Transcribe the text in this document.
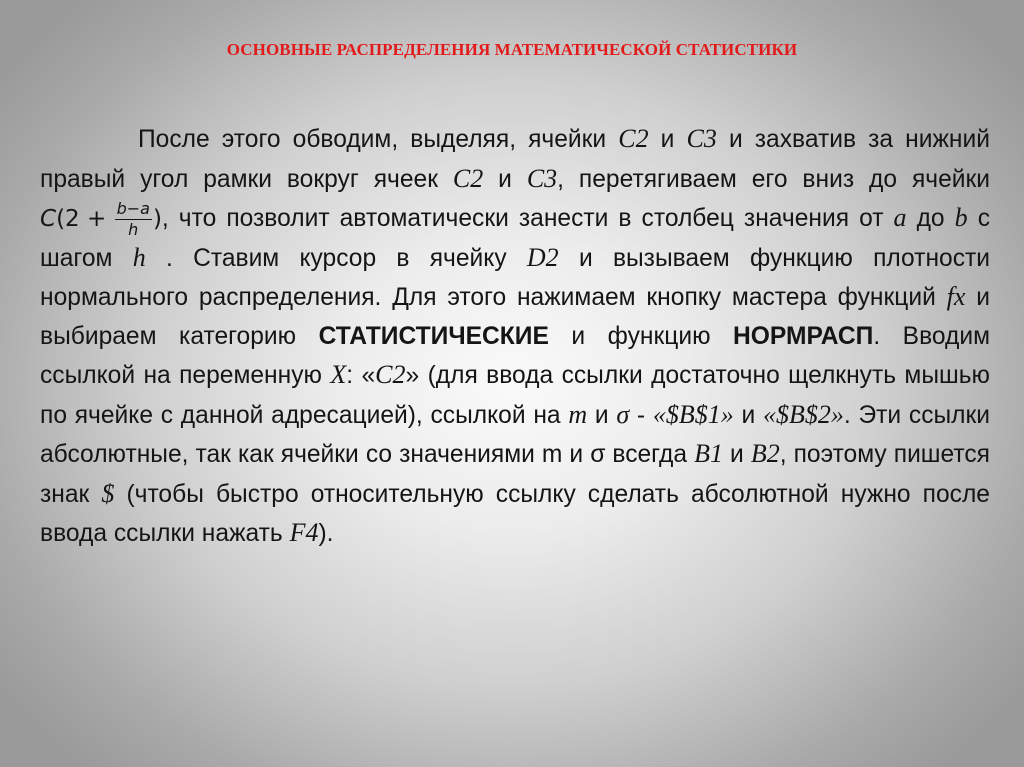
ОСНОВНЫЕ РАСПРЕДЕЛЕНИЯ МАТЕМАТИЧЕСКОЙ СТАТИСТИКИ
После этого обводим, выделяя, ячейки С2 и С3 и захватив за нижний правый угол рамки вокруг ячеек С2 и С3, перетягиваем его вниз до ячейки $C(2 + \frac{b-a}{h}$ ), что позволит автоматически занести в столбец значения от a до b с шагом h . Ставим курсор в ячейку D2 и вызываем функцию плотности нормального распределения. Для этого нажимаем кнопку мастера функций fx и выбираем категорию СТАТИСТИЧЕСКИЕ и функцию НОРМРАСП. Вводим ссылкой на переменную Х: «С2» (для ввода ссылки достаточно щелкнуть мышью по ячейке с данной адресацией), ссылкой на m и σ - «$B$1» и «$B$2». Эти ссылки абсолютные, так как ячейки со значениями m и σ всегда B1 и B2, поэтому пишется знак $ (чтобы быстро относительную ссылку сделать абсолютной нужно после ввода ссылки нажать F4).
